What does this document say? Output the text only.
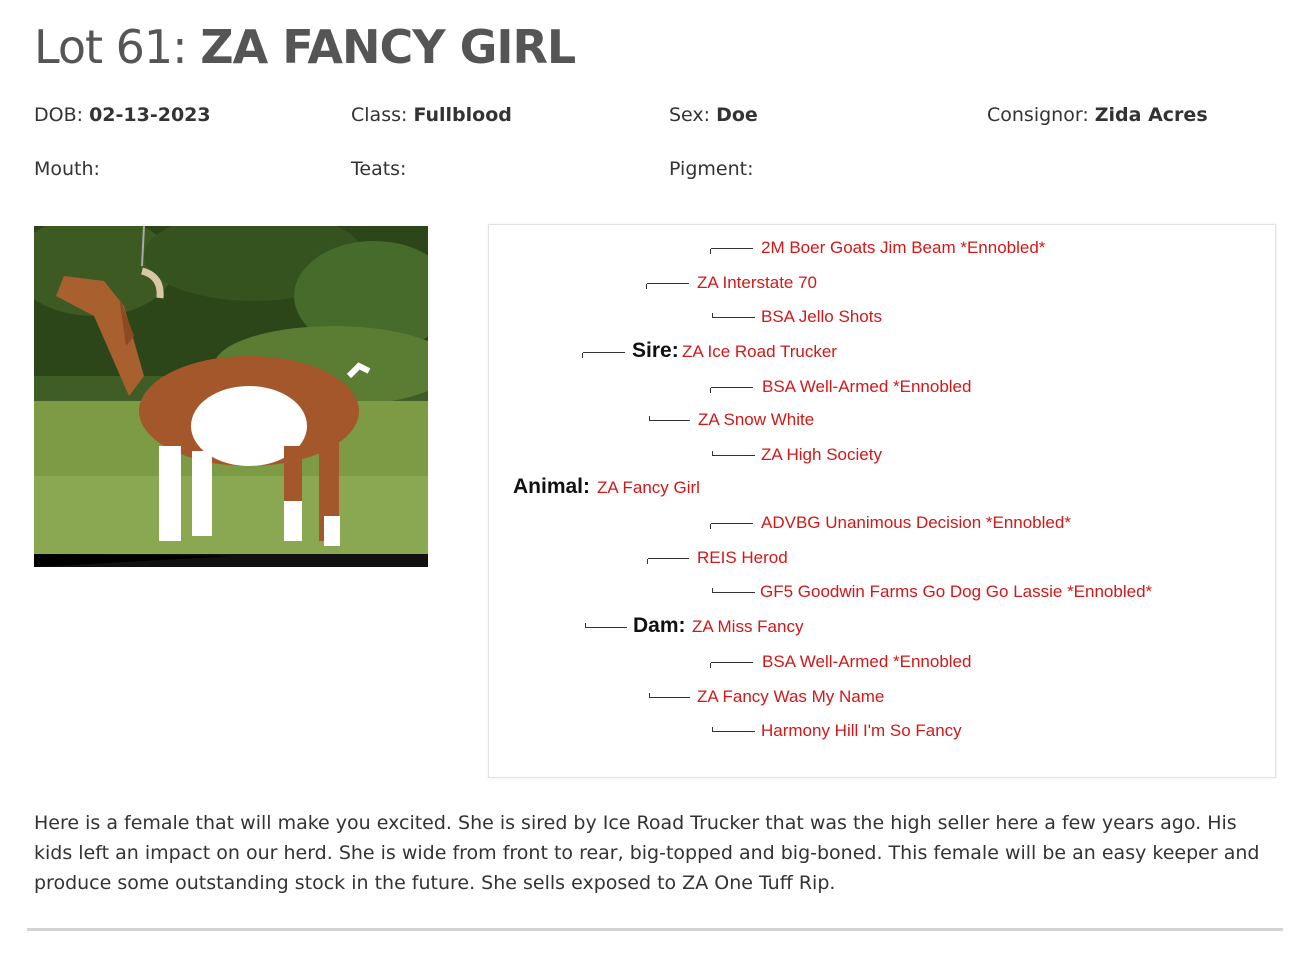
Lot 61: ZA FANCY GIRL
DOB: 02-13-2023	Class: Fullblood	Sex: Doe	Consignor: Zida Acres
Mouth:	Teats:	Pigment:
2M Boer Goats Jim Beam *Ennobled*
ZA Interstate 70
BSA Jello Shots
Sire: ZA Ice Road Trucker
BSA Well-Armed *Ennobled
ZA Snow White
ZA High Society
Animal: ZA Fancy Girl
ADVBG Unanimous Decision *Ennobled*
REIS Herod
GF5 Goodwin Farms Go Dog Go Lassie *Ennobled*
Dam: ZA Miss Fancy
BSA Well-Armed *Ennobled
ZA Fancy Was My Name
Harmony Hill I'm So Fancy

Here is a female that will make you excited. She is sired by Ice Road Trucker that was the high seller here a few years ago. His kids left an impact on our herd. She is wide from front to rear, big-topped and big-boned. This female will be an easy keeper and produce some outstanding stock in the future. She sells exposed to ZA One Tuff Rip.
